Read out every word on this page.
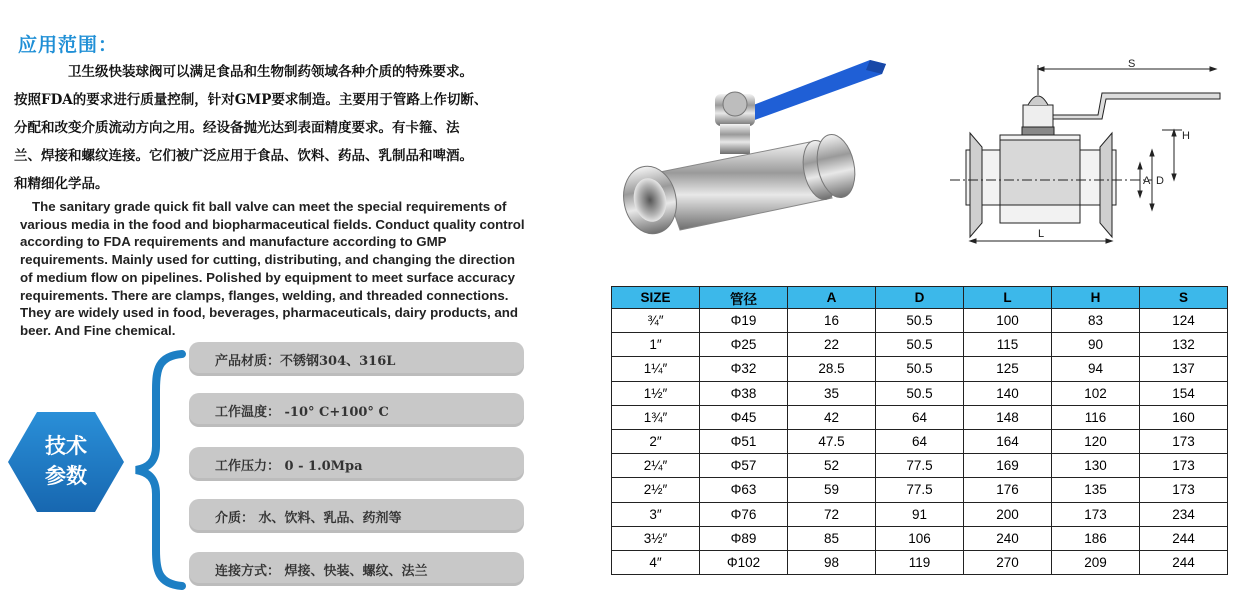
应用范围：
卫生级快装球阀可以满足食品和生物制药领域各种介质的特殊要求。
按照FDA的要求进行质量控制，针对GMP要求制造。主要用于管路上作切断、
分配和改变介质流动方向之用。经设备抛光达到表面精度要求。有卡箍、法
兰、焊接和螺纹连接。它们被广泛应用于食品、饮料、药品、乳制品和啤酒。
和精细化学品。
The sanitary grade quick fit ball valve can meet the special requirements of various media in the food and biopharmaceutical fields. Conduct quality control according to FDA requirements and manufacture according to GMP requirements. Mainly used for cutting, distributing, and changing the direction of medium flow on pipelines. Polished by equipment to meet surface accuracy requirements. There are clamps, flanges, welding, and threaded connections. They are widely used in food, beverages, pharmaceuticals, dairy products, and beer. And Fine chemical.
技术
参数
产品材质：不锈钢304、316L
工作温度： -10° C+100° C
工作压力： 0 - 1.0Mpa
介质： 水、饮料、乳品、药剂等
连接方式： 焊接、快装、螺纹、法兰
S
H
A D
L
SIZE	管径	A	D	L	H	S
¾″	Φ19	16	50.5	100	83	124
1″	Φ25	22	50.5	115	90	132
1¼″	Φ32	28.5	50.5	125	94	137
1½″	Φ38	35	50.5	140	102	154
1¾″	Φ45	42	64	148	116	160
2″	Φ51	47.5	64	164	120	173
2¼″	Φ57	52	77.5	169	130	173
2½″	Φ63	59	77.5	176	135	173
3″	Φ76	72	91	200	173	234
3½″	Φ89	85	106	240	186	244
4″	Φ102	98	119	270	209	244
